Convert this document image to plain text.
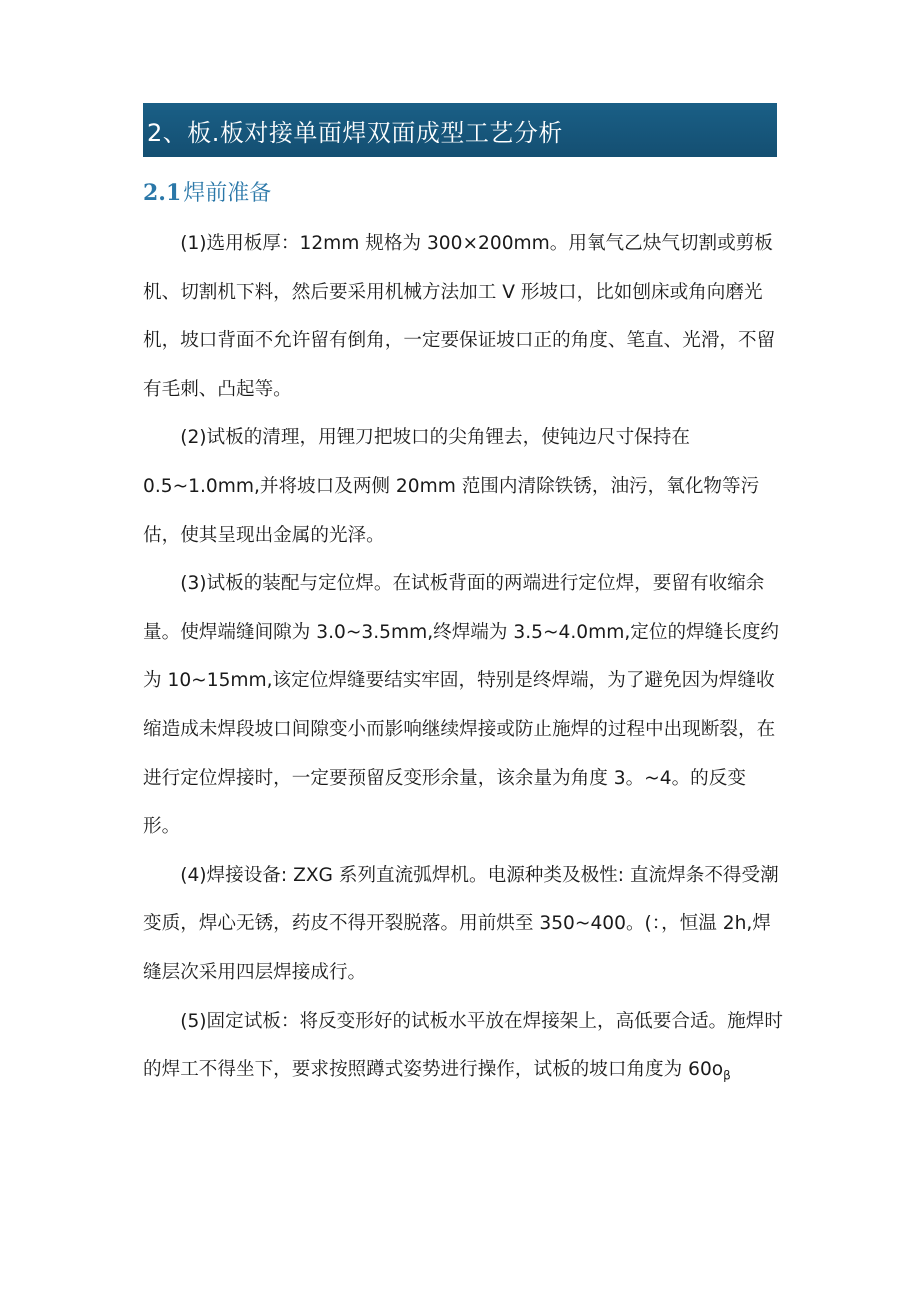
2、板.板对接单面焊双面成型工艺分析
2.1焊前准备

(1)选用板厚：12mm 规格为 300×200mm。用氧气乙炔气切割或剪板机、切割机下料，然后要采用机械方法加工 V 形坡口，比如刨床或角向磨光机，坡口背面不允许留有倒角，一定要保证坡口正的角度、笔直、光滑，不留有毛刺、凸起等。

(2)试板的清理，用锂刀把坡口的尖角锂去，使钝边尺寸保持在 0.5~1.0mm,并将坡口及两侧 20mm 范围内清除铁锈，油污，氧化物等污估，使其呈现出金属的光泽。

(3)试板的装配与定位焊。在试板背面的两端进行定位焊，要留有收缩余量。使焊端缝间隙为 3.0~3.5mm,终焊端为 3.5~4.0mm,定位的焊缝长度约为 10~15mm,该定位焊缝要结实牢固，特别是终焊端，为了避免因为焊缝收缩造成未焊段坡口间隙变小而影响继续焊接或防止施焊的过程中出现断裂，在进行定位焊接时，一定要预留反变形余量，该余量为角度 3。~4。的反变形。

(4)焊接设备: ZXG 系列直流弧焊机。电源种类及极性: 直流焊条不得受潮变质，焊心无锈，药皮不得开裂脱落。用前烘至 350~400。(：，恒温 2h,焊缝层次采用四层焊接成行。

(5)固定试板：将反变形好的试板水平放在焊接架上，高低要合适。施焊时的焊工不得坐下，要求按照蹲式姿势进行操作，试板的坡口角度为 $60o_\beta$
